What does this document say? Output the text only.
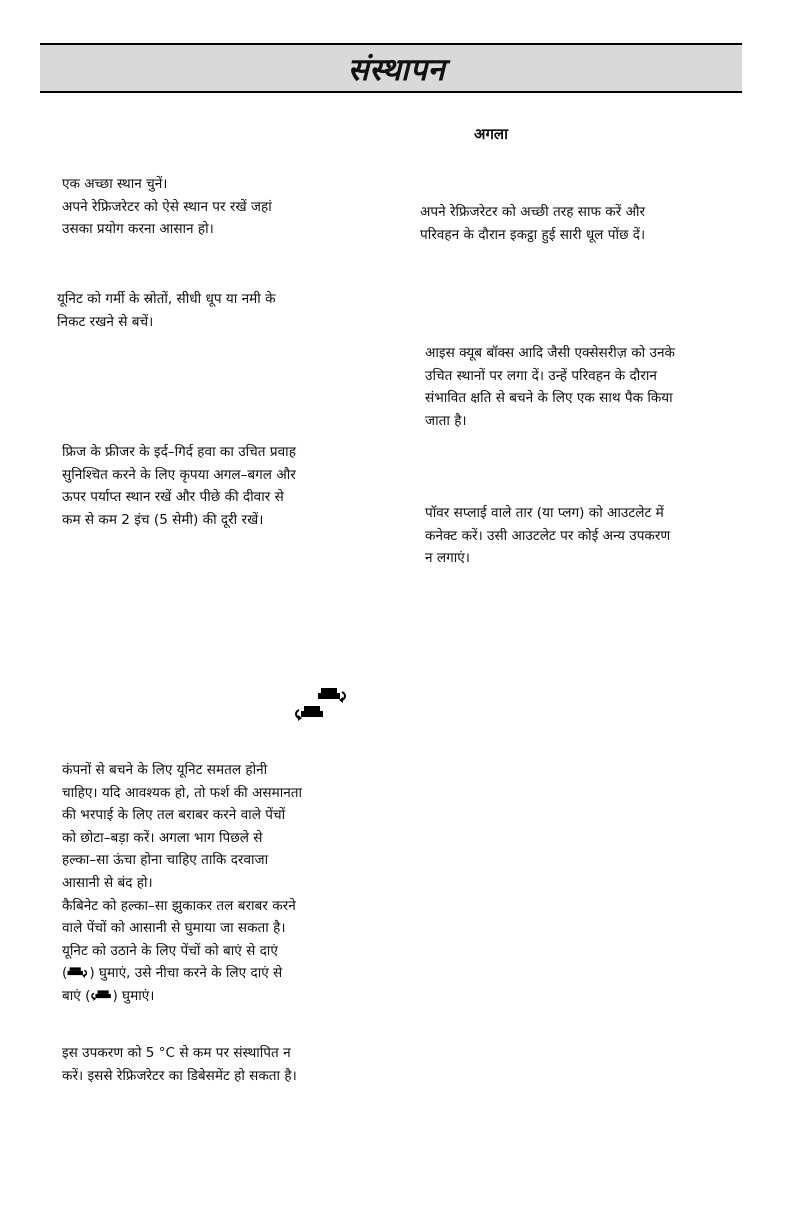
संस्थापन
अगला
एक अच्छा स्थान चुनें।
अपने रेफ्रिजरेटर को ऐसे स्थान पर रखें जहां
उसका प्रयोग करना आसान हो।
यूनिट को गर्मी के स्रोतों, सीधी धूप या नमी के
निकट रखने से बचें।
फ्रिज के फ्रीजर के इर्द–गिर्द हवा का उचित प्रवाह
सुनिश्चित करने के लिए कृपया अगल–बगल और
ऊपर पर्याप्त स्थान रखें और पीछे की दीवार से
कम से कम 2 इंच (5 सेमी) की दूरी रखें।
कंपनों से बचने के लिए यूनिट समतल होनी
चाहिए। यदि आवश्यक हो, तो फर्श की असमानता
की भरपाई के लिए तल बराबर करने वाले पेंचों
को छोटा–बड़ा करें। अगला भाग पिछले से
हल्का–सा ऊंचा होना चाहिए ताकि दरवाजा
आसानी से बंद हो।
कैबिनेट को हल्का–सा झुकाकर तल बराबर करने
वाले पेंचों को आसानी से घुमाया जा सकता है।
यूनिट को उठाने के लिए पेंचों को बाएं से दाएं
( ) घुमाएं, उसे नीचा करने के लिए दाएं से
बाएं ( ) घुमाएं।
इस उपकरण को 5 °C से कम पर संस्थापित न
करें। इससे रेफ्रिजरेटर का डिबेसमेंट हो सकता है।
अपने रेफ्रिजरेटर को अच्छी तरह साफ करें और
परिवहन के दौरान इकट्ठा हुई सारी धूल पोंछ दें।
आइस क्यूब बॉक्स आदि जैसी एक्सेसरीज़ को उनके
उचित स्थानों पर लगा दें। उन्हें परिवहन के दौरान
संभावित क्षति से बचने के लिए एक साथ पैक किया
जाता है।
पॉवर सप्लाई वाले तार (या प्लग) को आउटलेट में
कनेक्ट करें। उसी आउटलेट पर कोई अन्य उपकरण
न लगाएं।
